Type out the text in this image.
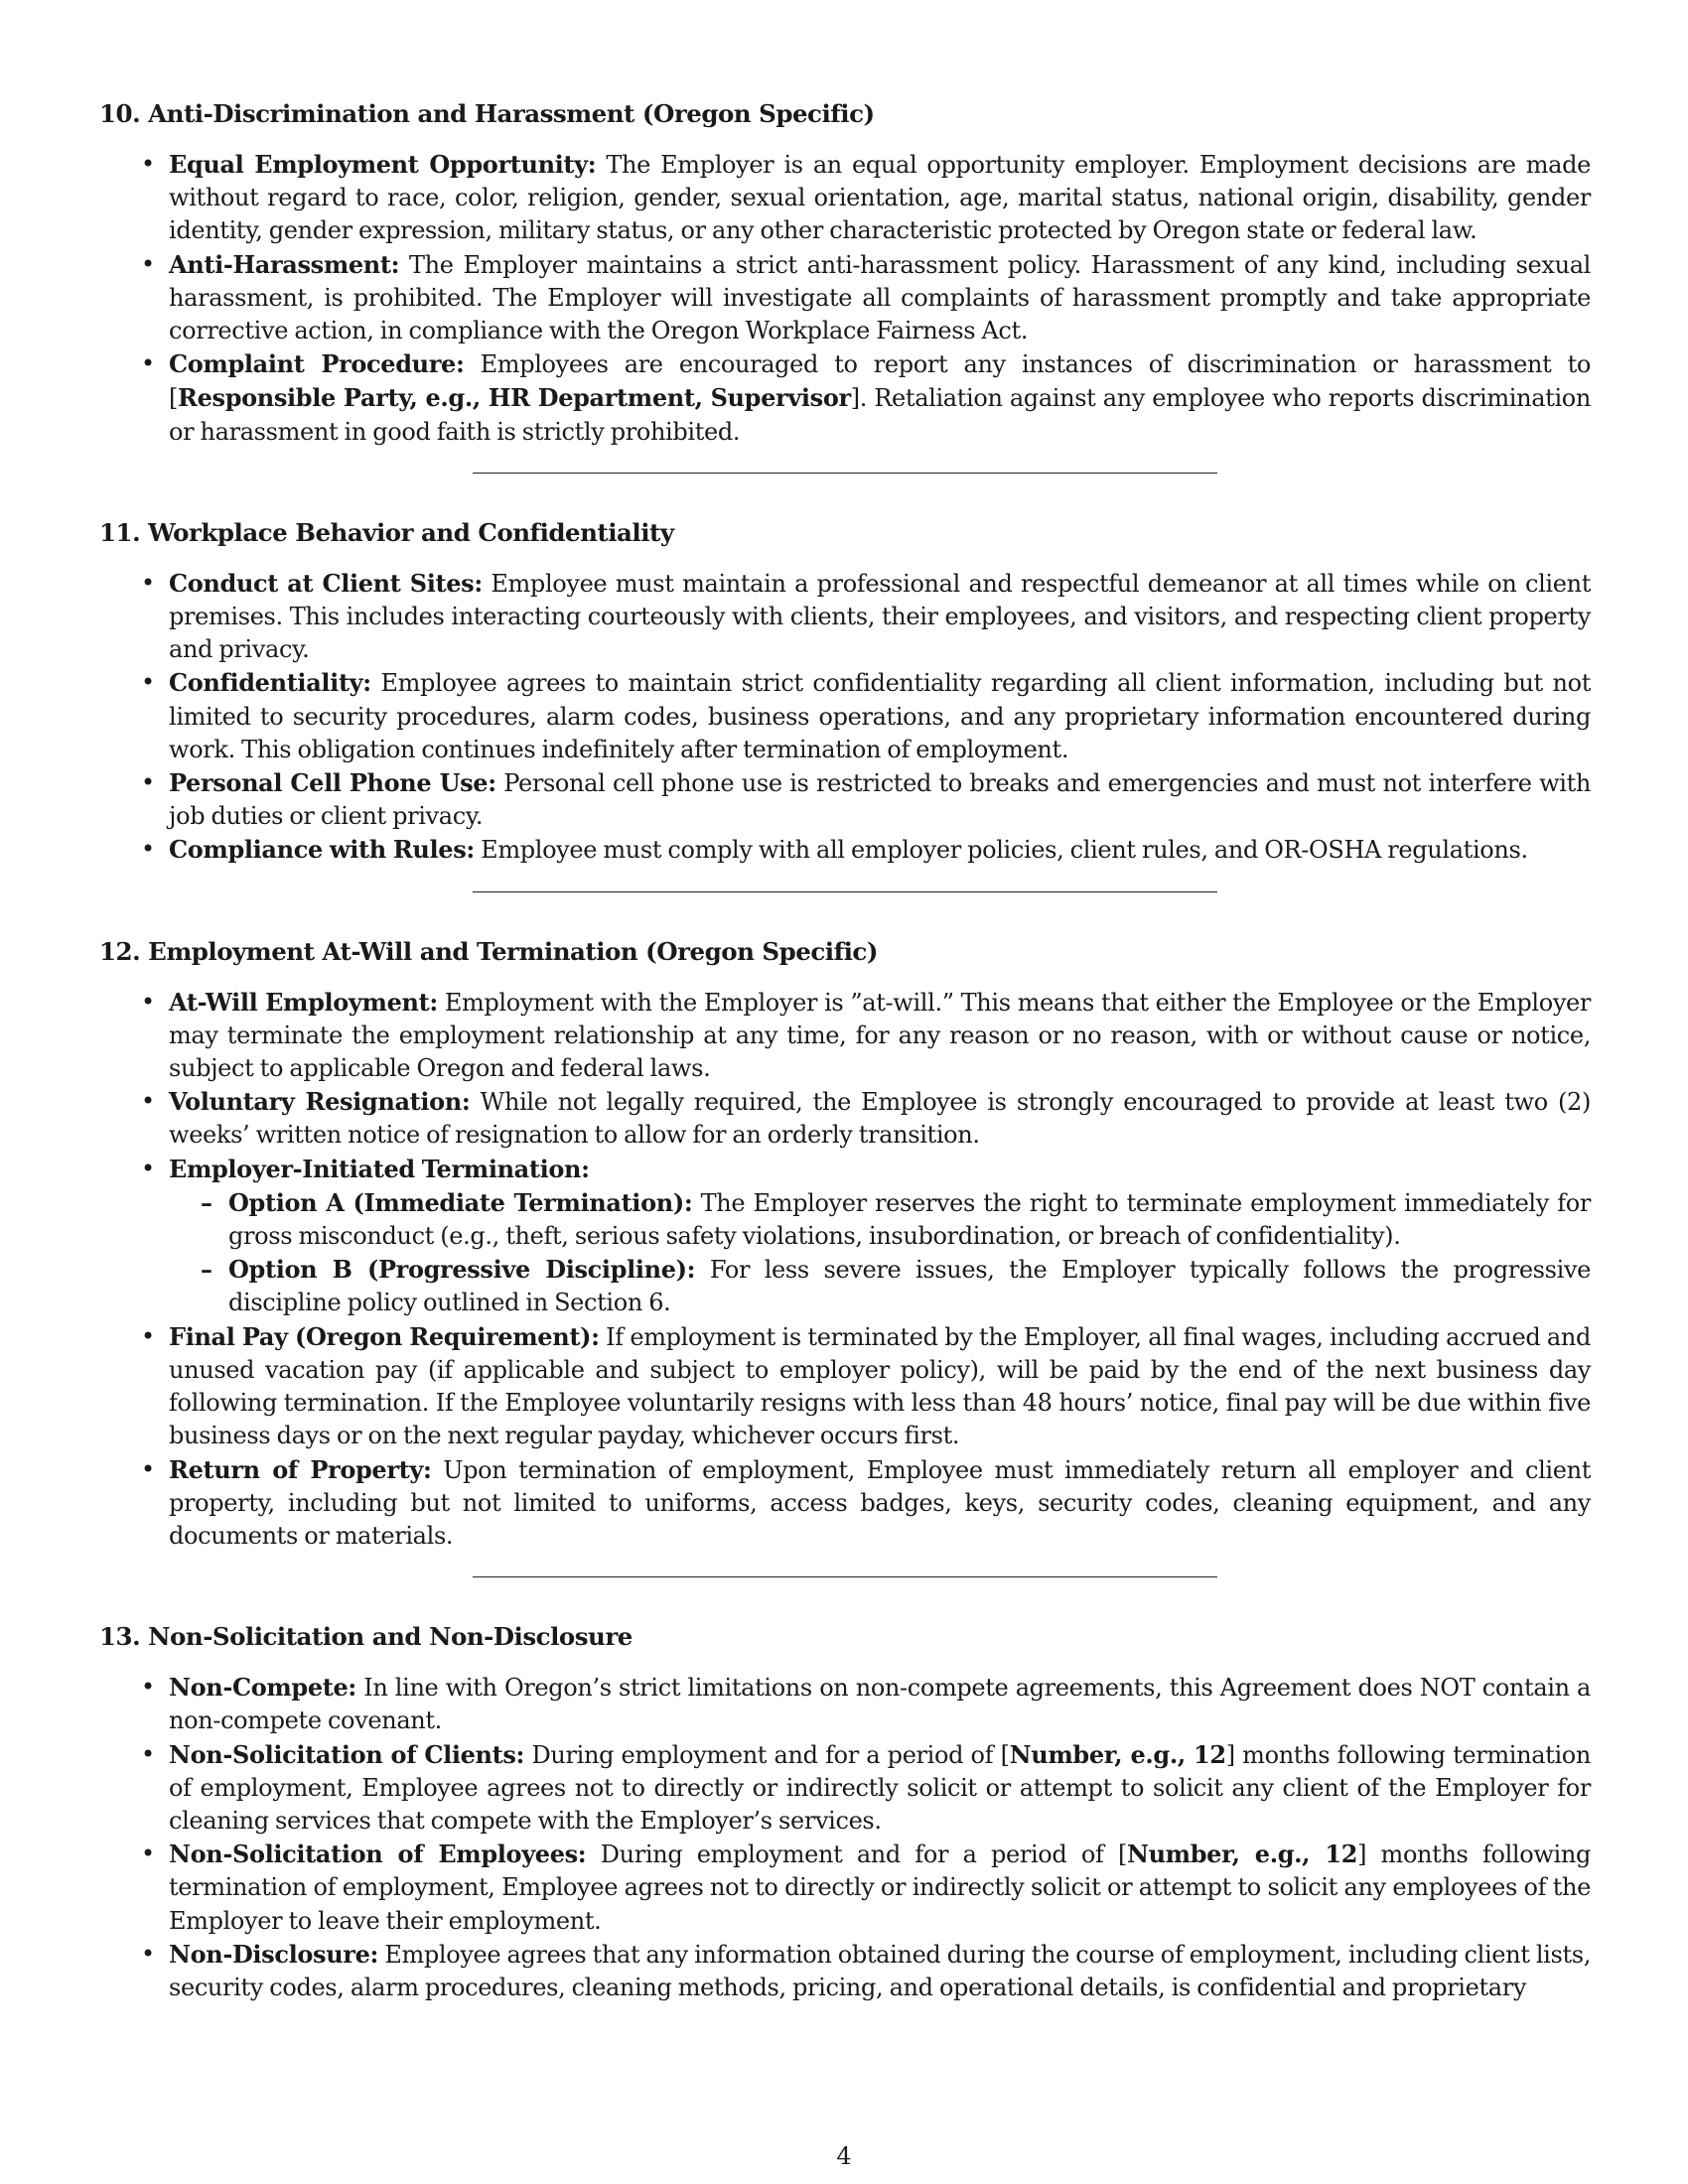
10. Anti-Discrimination and Harassment (Oregon Specific)
• Equal Employment Opportunity: The Employer is an equal opportunity employer. Employment decisions are made without regard to race, color, religion, gender, sexual orientation, age, marital status, national origin, disability, gender identity, gender expression, military status, or any other characteristic protected by Oregon state or federal law.
• Anti-Harassment: The Employer maintains a strict anti-harassment policy. Harassment of any kind, including sexual harassment, is prohibited. The Employer will investigate all complaints of harassment promptly and take appropriate corrective action, in compliance with the Oregon Workplace Fairness Act.
• Complaint Procedure: Employees are encouraged to report any instances of discrimination or harassment to [Responsible Party, e.g., HR Department, Supervisor]. Retaliation against any employee who reports discrimination or harassment in good faith is strictly prohibited.
11. Workplace Behavior and Confidentiality
• Conduct at Client Sites: Employee must maintain a professional and respectful demeanor at all times while on client premises. This includes interacting courteously with clients, their employees, and visitors, and respecting client property and privacy.
• Confidentiality: Employee agrees to maintain strict confidentiality regarding all client information, including but not limited to security procedures, alarm codes, business operations, and any proprietary information encountered during work. This obligation continues indefinitely after termination of employment.
• Personal Cell Phone Use: Personal cell phone use is restricted to breaks and emergencies and must not interfere with job duties or client privacy.
• Compliance with Rules: Employee must comply with all employer policies, client rules, and OR-OSHA regulations.
12. Employment At-Will and Termination (Oregon Specific)
• At-Will Employment: Employment with the Employer is ”at-will.” This means that either the Employee or the Employer may terminate the employment relationship at any time, for any reason or no reason, with or without cause or notice, subject to applicable Oregon and federal laws.
• Voluntary Resignation: While not legally required, the Employee is strongly encouraged to provide at least two (2) weeks’ written notice of resignation to allow for an orderly transition.
• Employer-Initiated Termination:
– Option A (Immediate Termination): The Employer reserves the right to terminate employment immediately for gross misconduct (e.g., theft, serious safety violations, insubordination, or breach of confidentiality).
– Option B (Progressive Discipline): For less severe issues, the Employer typically follows the progressive discipline policy outlined in Section 6.
• Final Pay (Oregon Requirement): If employment is terminated by the Employer, all final wages, including accrued and unused vacation pay (if applicable and subject to employer policy), will be paid by the end of the next business day following termination. If the Employee voluntarily resigns with less than 48 hours’ notice, final pay will be due within five business days or on the next regular payday, whichever occurs first.
• Return of Property: Upon termination of employment, Employee must immediately return all employer and client property, including but not limited to uniforms, access badges, keys, security codes, cleaning equipment, and any documents or materials.
13. Non-Solicitation and Non-Disclosure
• Non-Compete: In line with Oregon’s strict limitations on non-compete agreements, this Agreement does NOT contain a non-compete covenant.
• Non-Solicitation of Clients: During employment and for a period of [Number, e.g., 12] months following termination of employment, Employee agrees not to directly or indirectly solicit or attempt to solicit any client of the Employer for cleaning services that compete with the Employer’s services.
• Non-Solicitation of Employees: During employment and for a period of [Number, e.g., 12] months following termination of employment, Employee agrees not to directly or indirectly solicit or attempt to solicit any employees of the Employer to leave their employment.
• Non-Disclosure: Employee agrees that any information obtained during the course of employment, including client lists, security codes, alarm procedures, cleaning methods, pricing, and operational details, is confidential and proprietary
4
